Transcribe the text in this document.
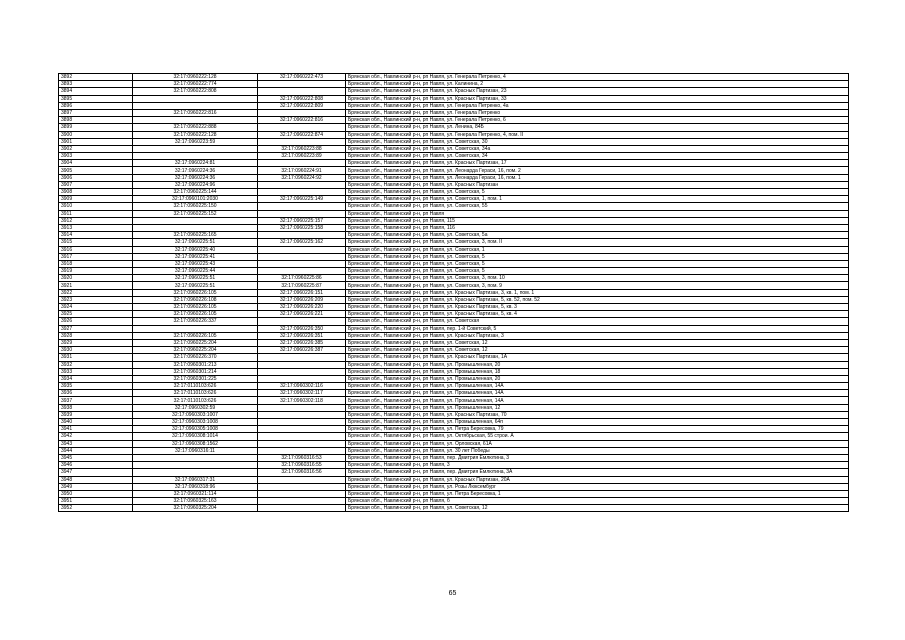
3892	32:17:0960222:128	32:17:0960222:473	Брянская обл., Навлинский р-н, рп Навля, ул. Генерала Петренко, 4
3893	32:17:0960222:774		Брянская обл., Навлинский р-н, рп Навля, ул. Калинина, 2
3894	32:17:0960222:808		Брянская обл., Навлинский р-н, рп Навля, ул. Красных Партизан, 23
3895		32:17:0960222:808	Брянская обл., Навлинский р-н, рп Навля, ул. Красных Партизан, 33
3896		32:17:0960222:809	Брянская обл., Навлинский р-н, рп Навля, ул. Генерала Петренко, 4а
3897	32:17:0960222:816		Брянская обл., Навлинский р-н, рп Навля, ул. Генерала Петренко
3898		32:17:0960222:816	Брянская обл., Навлинский р-н, рп Навля, ул. Генерала Петренко, 6
3899	32:17:0960222:888		Брянская обл., Навлинский р-н, рп Навля, ул. Ленина, 84Б
3900	32:17:0960222:128	32:17:0960222:874	Брянская обл., Навлинский р-н, рп Навля, ул. Генерала Петренко, 4, пом. II
3901	32:17:0960223:59		Брянская обл., Навлинский р-н, рп Навля, ул. Советская, 30
3902		32:17:0960223:88	Брянская обл., Навлинский р-н, рп Навля, ул. Советская, 34а
3903		32:17:0960223:89	Брянская обл., Навлинский р-н, рп Навля, ул. Советская, 34
3904	32:17:0960224:81		Брянская обл., Навлинский р-н, рп Навля, ул. Красных Партизан, 17
3905	32:17:0960224:36	32:17:0960224:91	Брянская обл., Навлинский р-н, рп Навля, ул. Леонарда Гераси, 16, пом. 2
3906	32:17:0960224:36	32:17:0960224:92	Брянская обл., Навлинский р-н, рп Навля, ул. Леонарда Гераси, 16, пом. 1
3907	32:17:0960224:96		Брянская обл., Навлинский р-н, рп Навля, ул. Красных Партизан
3908	32:17:0960225:144		Брянская обл., Навлинский р-н, рп Навля, ул. Советская, 5
3909	32:17:0960101:2030	32:17:0960225:149	Брянская обл., Навлинский р-н, рп Навля, ул. Советская, 1, пом. 1
3910	32:17:0960225:150		Брянская обл., Навлинский р-н, рп Навля, ул. Советская, 55
3911	32:17:0960225:152		Брянская обл., Навлинский р-н, рп Навля
3912		32:17:0960225:157	Брянская обл., Навлинский р-н, рп Навля, 115
3913		32:17:0960225:158	Брянская обл., Навлинский р-н, рп Навля, 116
3914	32:17:0960225:165		Брянская обл., Навлинский р-н, рп Навля, ул. Советская, 5а
3915	32:17:0960225:51	32:17:0960225:162	Брянская обл., Навлинский р-н, рп Навля, ул. Советская, 3, пом. II
3916	32:17:0960225:40		Брянская обл., Навлинский р-н, рп Навля, ул. Советская, 1
3917	32:17:0960225:41		Брянская обл., Навлинский р-н, рп Навля, ул. Советская, 5
3918	32:17:0960225:43		Брянская обл., Навлинский р-н, рп Навля, ул. Советская, 5
3919	32:17:0960225:44		Брянская обл., Навлинский р-н, рп Навля, ул. Советская, 5
3920	32:17:0960225:51	32:17:0960225:86	Брянская обл., Навлинский р-н, рп Навля, ул. Советская, 3, пом. 10
3921	32:17:0960225:51	32:17:0960225:87	Брянская обл., Навлинский р-н, рп Навля, ул. Советская, 3, пом. 9
3922	32:17:0960226:105	32:17:0960226:151	Брянская обл., Навлинский р-н, рп Навля, ул. Красных Партизан, 3, кв. 1, пом. 1
3923	32:17:0960226:108	32:17:0960226:209	Брянская обл., Навлинский р-н, рп Навля, ул. Красных Партизан, 5, кв. 52, пом. 52
3924	32:17:0960226:105	32:17:0960226:220	Брянская обл., Навлинский р-н, рп Навля, ул. Красных Партизан, 5, кв. 3
3925	32:17:0960226:105	32:17:0960226:221	Брянская обл., Навлинский р-н, рп Навля, ул. Красных Партизан, 5, кв. 4
3926	32:17:0960226:337		Брянская обл., Навлинский р-н, рп Навля, ул. Советская
3927		32:17:0960226:350	Брянская обл., Навлинский р-н, рп Навля, пер. 1-й Советский, 5
3928	32:17:0960226:105	32:17:0960226:351	Брянская обл., Навлинский р-н, рп Навля, ул. Красных Партизан, 3
3929	32:17:0960225:204	32:17:0960226:385	Брянская обл., Навлинский р-н, рп Навля, ул. Советская, 12
3930	32:17:0960225:204	32:17:0960226:387	Брянская обл., Навлинский р-н, рп Навля, ул. Советская, 12
3931	32:17:0960226:370		Брянская обл., Навлинский р-н, рп Навля, ул. Красных Партизан, 1А
3932	32:17:0960301:213		Брянская обл., Навлинский р-н, рп Навля, ул. Промышленная, 20
3933	32:17:0960301:214		Брянская обл., Навлинский р-н, рп Навля, ул. Промышленная, 18
3934	32:17:0960301:225		Брянская обл., Навлинский р-н, рп Навля, ул. Промышленная, 20
3935	32:17:0110103:626	32:17:0960302:116	Брянская обл., Навлинский р-н, рп Навля, ул. Промышленная, 14А
3936	32:17:0110103:626	32:17:0960302:117	Брянская обл., Навлинский р-н, рп Навля, ул. Промышленная, 14А
3937	32:17:0110103:626	32:17:0960302:118	Брянская обл., Навлинский р-н, рп Навля, ул. Промышленная, 14А
3938	32:17:0960302:59		Брянская обл., Навлинский р-н, рп Навля, ул. Промышленная, 12
3939	32:17:0960303:1007		Брянская обл., Навлинский р-н, рп Навля, ул. Красных Партизан, 70
3940	32:17:0960303:1008		Брянская обл., Навлинский р-н, рп Навля, ул. Промышленная, 64п
3941	32:17:0960305:1008		Брянская обл., Навлинский р-н, рп Навля, ул. Петра Бересовка, 79
3942	32:17:0960308:1014		Брянская обл., Навлинский р-н, рп Навля, ул. Октябрьская, 55 строи. А
3943	32:17:0960308:1562		Брянская обл., Навлинский р-н, рп Навля, ул. Орловская, 61А
3944	32:17:0960316:11		Брянская обл., Навлинский р-н, рп Навля, ул. 30 лет Победы
3945		32:17:0960316:53	Брянская обл., Навлинский р-н, рп Навля, пер. Дмитрия Емлютина, 3
3946		32:17:0960316:55	Брянская обл., Навлинский р-н, рп Навля, 3
3947		32:17:0960316:56	Брянская обл., Навлинский р-н, рп Навля, пер. Дмитрия Емлютина, 3А
3948	32:17:0960317:31		Брянская обл., Навлинский р-н, рп Навля, ул. Красных Партизан, 20А
3949	32:17:0960318:96		Брянская обл., Навлинский р-н, рп Навля, ул. Розы Люксембург
3950	32:17:0960321:114		Брянская обл., Навлинский р-н, рп Навля, ул. Петра Бересовка, 1
3951	32:17:0960325:163		Брянская обл., Навлинский р-н, рп Навля, б
3952	32:17:0960325:204		Брянская обл., Навлинский р-н, рп Навля, ул. Советская, 12
65
